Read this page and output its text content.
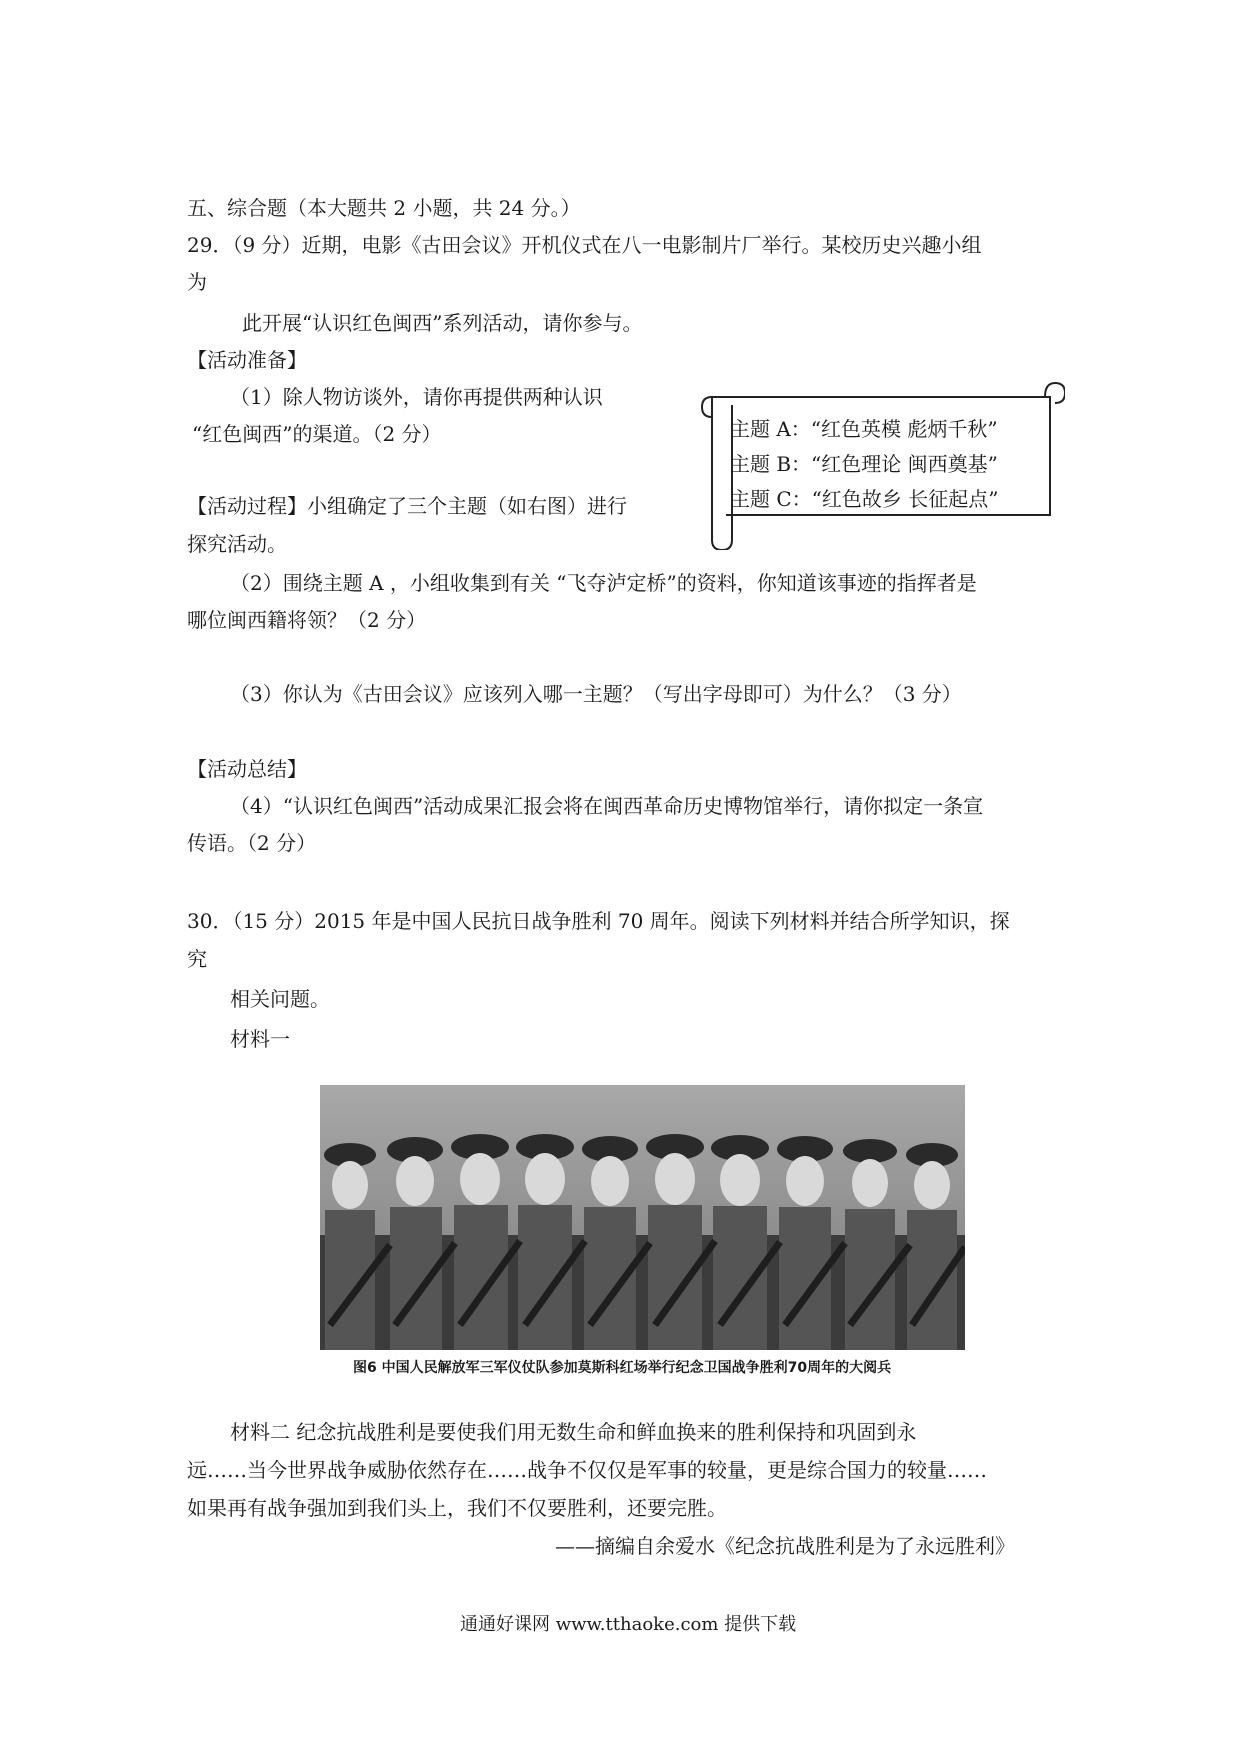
五、综合题（本大题共 2 小题，共 24 分。）
29．（9 分）近期，电影《古田会议》开机仪式在八一电影制片厂举行。某校历史兴趣小组
为
此开展“认识红色闽西”系列活动，请你参与。
【活动准备】
（1）除人物访谈外，请你再提供两种认识
“红色闽西”的渠道。（2 分）
【活动过程】小组确定了三个主题（如右图）进行
探究活动。
主题 A：“红色英模 彪炳千秋”
主题 B：“红色理论 闽西奠基”
主题 C：“红色故乡 长征起点”
（2）围绕主题 A ，小组收集到有关 “飞夺泸定桥”的资料，你知道该事迹的指挥者是
哪位闽西籍将领？（2 分）
（3）你认为《古田会议》应该列入哪一主题？（写出字母即可）为什么？（3 分）
【活动总结】
（4）“认识红色闽西”活动成果汇报会将在闽西革命历史博物馆举行，请你拟定一条宣
传语。（2 分）
30．（15 分）2015 年是中国人民抗日战争胜利 70 周年。阅读下列材料并结合所学知识，探
究
相关问题。
材料一
图6 中国人民解放军三军仪仗队参加莫斯科红场举行纪念卫国战争胜利70周年的大阅兵
材料二 纪念抗战胜利是要使我们用无数生命和鲜血换来的胜利保持和巩固到永
远……当今世界战争威胁依然存在……战争不仅仅是军事的较量，更是综合国力的较量……
如果再有战争强加到我们头上，我们不仅要胜利，还要完胜。
——摘编自余爱水《纪念抗战胜利是为了永远胜利》
通通好课网 www.tthaoke.com 提供下载
